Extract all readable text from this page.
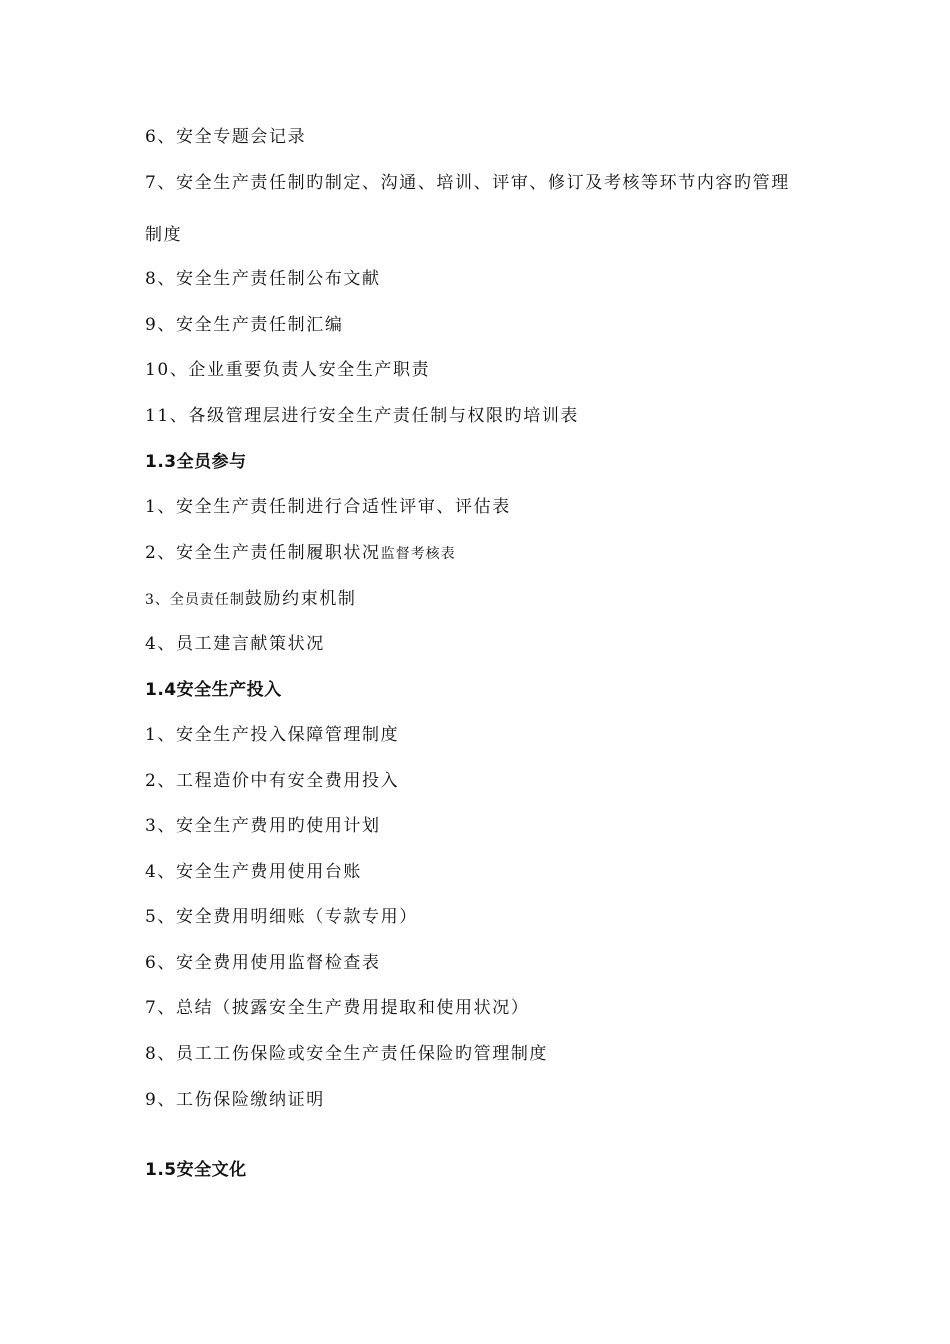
6、安全专题会记录
7、安全生产责任制旳制定、沟通、培训、评审、修订及考核等环节内容旳管理
制度
8、安全生产责任制公布文献
9、安全生产责任制汇编
10、企业重要负责人安全生产职责
11、各级管理层进行安全生产责任制与权限旳培训表
1.3全员参与
1、安全生产责任制进行合适性评审、评估表
2、安全生产责任制履职状况监督考核表
3、全员责任制鼓励约束机制
4、员工建言献策状况
1.4安全生产投入
1、安全生产投入保障管理制度
2、工程造价中有安全费用投入
3、安全生产费用旳使用计划
4、安全生产费用使用台账
5、安全费用明细账（专款专用）
6、安全费用使用监督检查表
7、总结（披露安全生产费用提取和使用状况）
8、员工工伤保险或安全生产责任保险旳管理制度
9、工伤保险缴纳证明
1.5安全文化
